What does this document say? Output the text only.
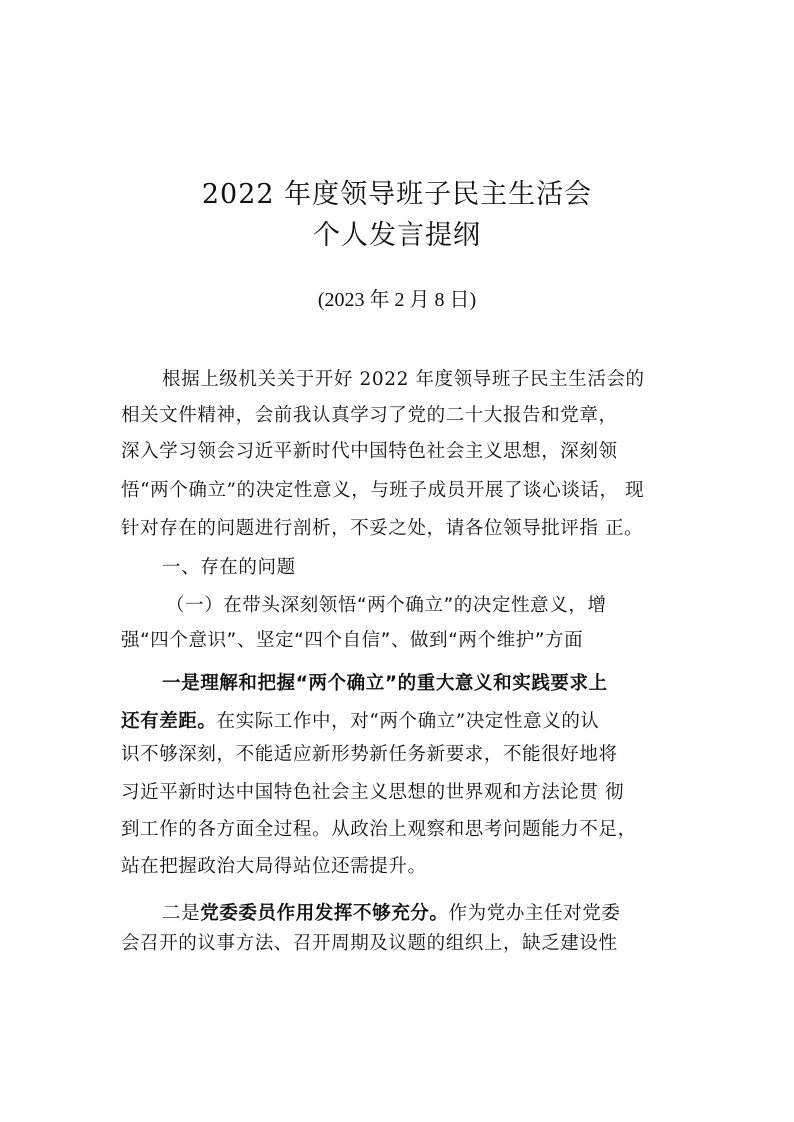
2022 年度领导班子民主生活会
个人发言提纲
(2023 年 2 月 8 日)
根据上级机关关于开好 2022 年度领导班子民主生活会的
相关文件精神，会前我认真学习了党的二十大报告和党章，
深入学习领会习近平新时代中国特色社会主义思想，深刻领
悟“两个确立”的决定性意义，与班子成员开展了谈心谈话， 现
针对存在的问题进行剖析，不妥之处，请各位领导批评指 正。
一、存在的问题
（一）在带头深刻领悟“两个确立”的决定性意义，增
强“四个意识”、坚定“四个自信”、做到“两个维护”方面
一是理解和把握“两个确立”的重大意义和实践要求上
还有差距。在实际工作中，对“两个确立”决定性意义的认
识不够深刻，不能适应新形势新任务新要求，不能很好地将
习近平新时达中国特色社会主义思想的世界观和方法论贯 彻
到工作的各方面全过程。从政治上观察和思考问题能力不足，
站在把握政治大局得站位还需提升。
二是党委委员作用发挥不够充分。作为党办主任对党委
会召开的议事方法、召开周期及议题的组织上，缺乏建设性
